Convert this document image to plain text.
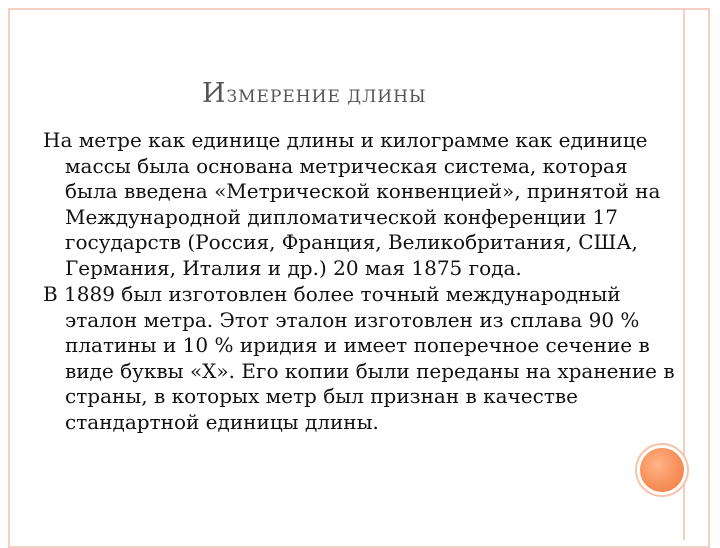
ИЗМЕРЕНИЕ ДЛИНЫ

На метре как единице длины и килограмме как единице массы была основана метрическая система, которая была введена «Метрической конвенцией», принятой на Международной дипломатической конференции 17 государств (Россия, Франция, Великобритания, США, Германия, Италия и др.) 20 мая 1875 года.

В 1889 был изготовлен более точный международный эталон метра. Этот эталон изготовлен из сплава 90 % платины и 10 % иридия и имеет поперечное сечение в виде буквы «Х». Его копии были переданы на хранение в страны, в которых метр был признан в качестве стандартной единицы длины.
